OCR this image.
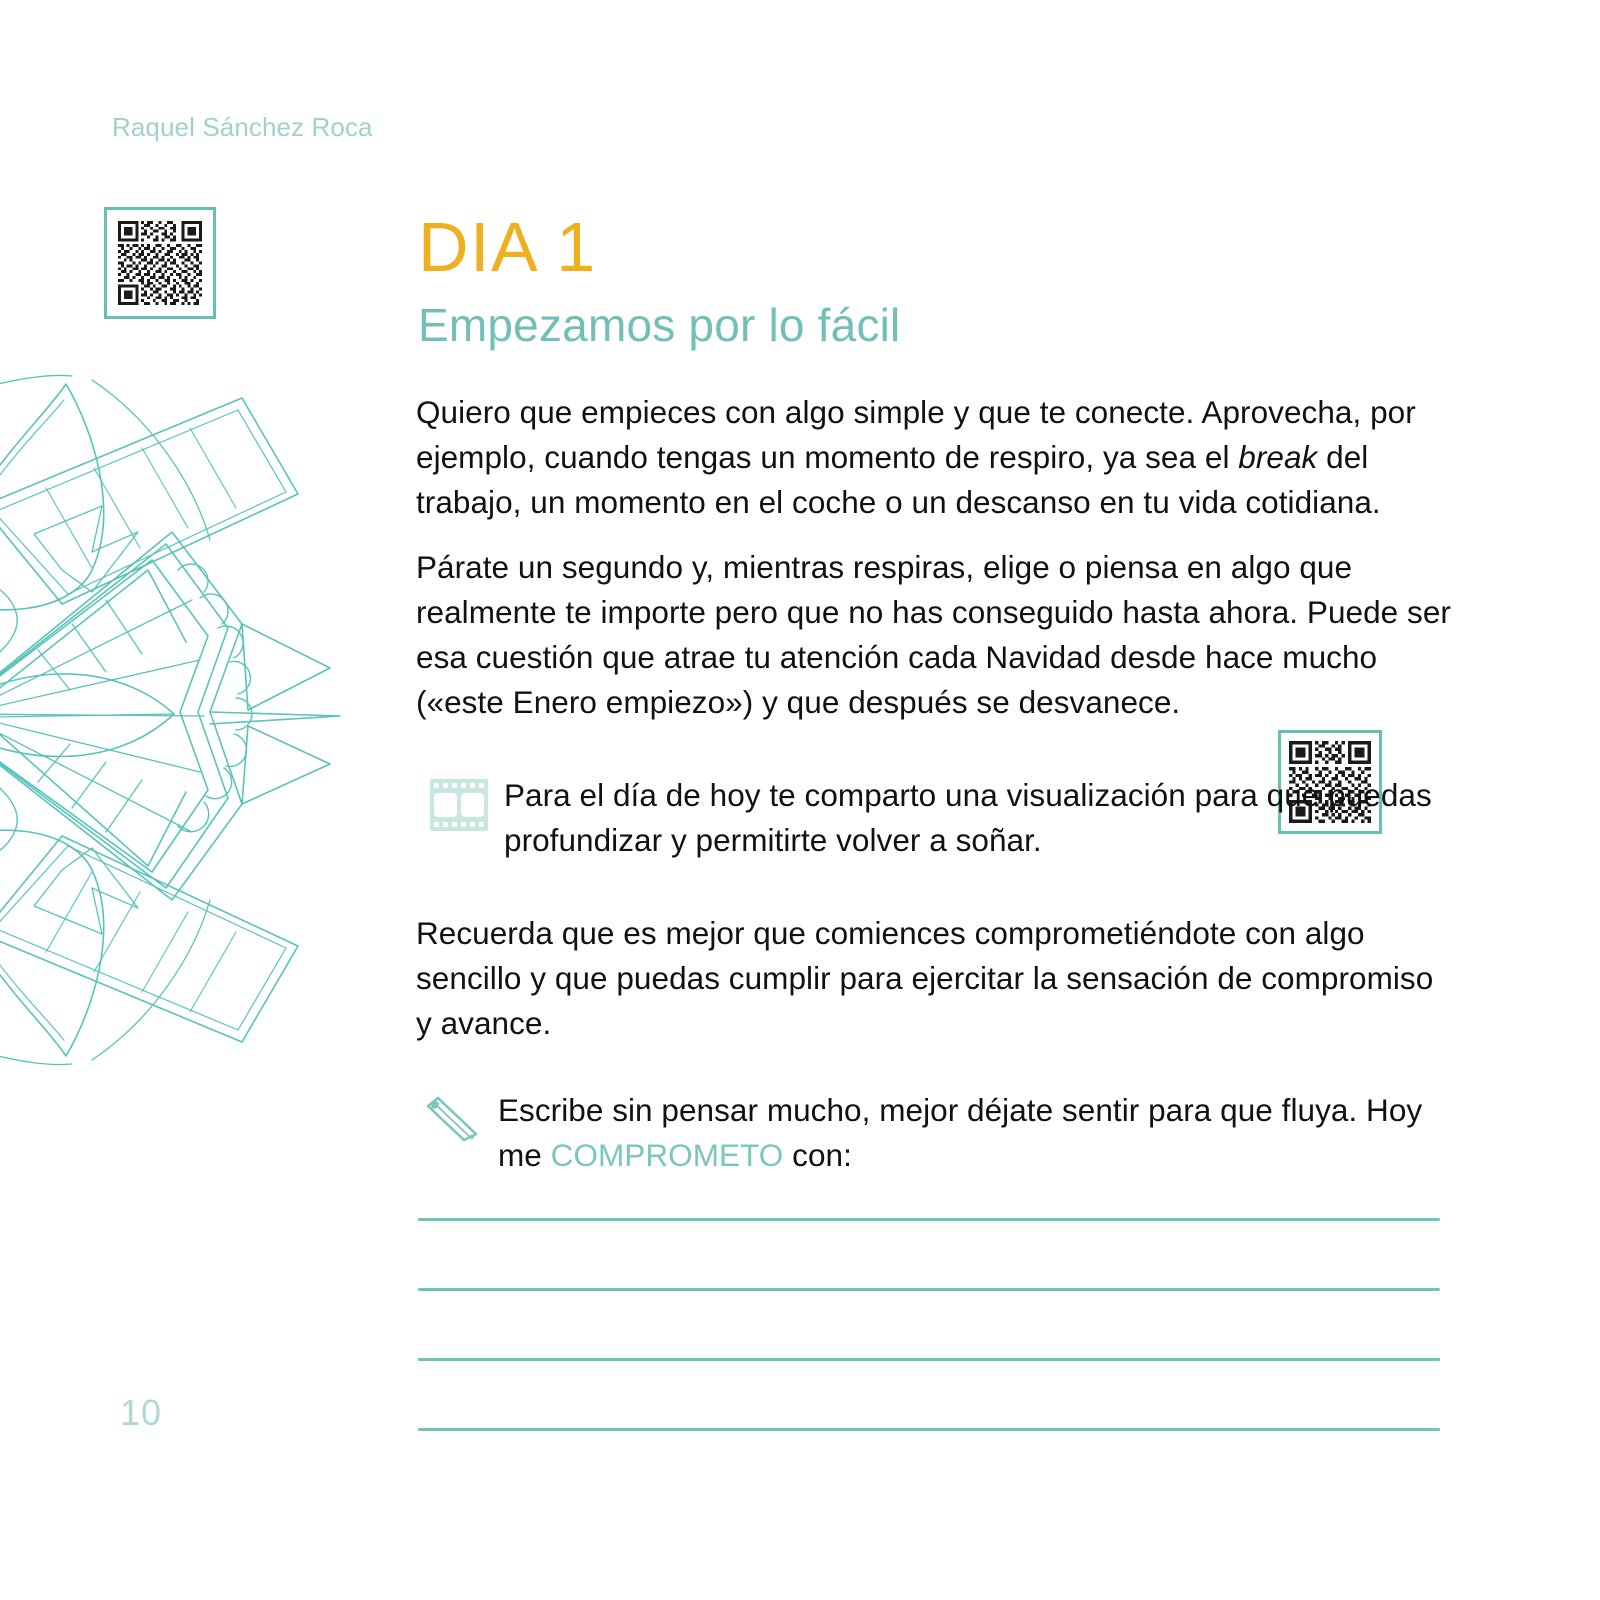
Raquel Sánchez Roca
DIA 1
Empezamos por lo fácil

Quiero que empieces con algo simple y que te conecte. Aprovecha, por ejemplo, cuando tengas un momento de respiro, ya sea el break del trabajo, un momento en el coche o un descanso en tu vida cotidiana.

Párate un segundo y, mientras respiras, elige o piensa en algo que realmente te importe pero que no has conseguido hasta ahora. Puede ser esa cuestión que atrae tu atención cada Navidad desde hace mucho («este Enero empiezo») y que después se desvanece.

Para el día de hoy te comparto una visualización para que puedas profundizar y permitirte volver a soñar.

Recuerda que es mejor que comiences comprometiéndote con algo sencillo y que puedas cumplir para ejercitar la sensación de compromiso y avance.

Escribe sin pensar mucho, mejor déjate sentir para que fluya. Hoy me COMPROMETO con:

10
